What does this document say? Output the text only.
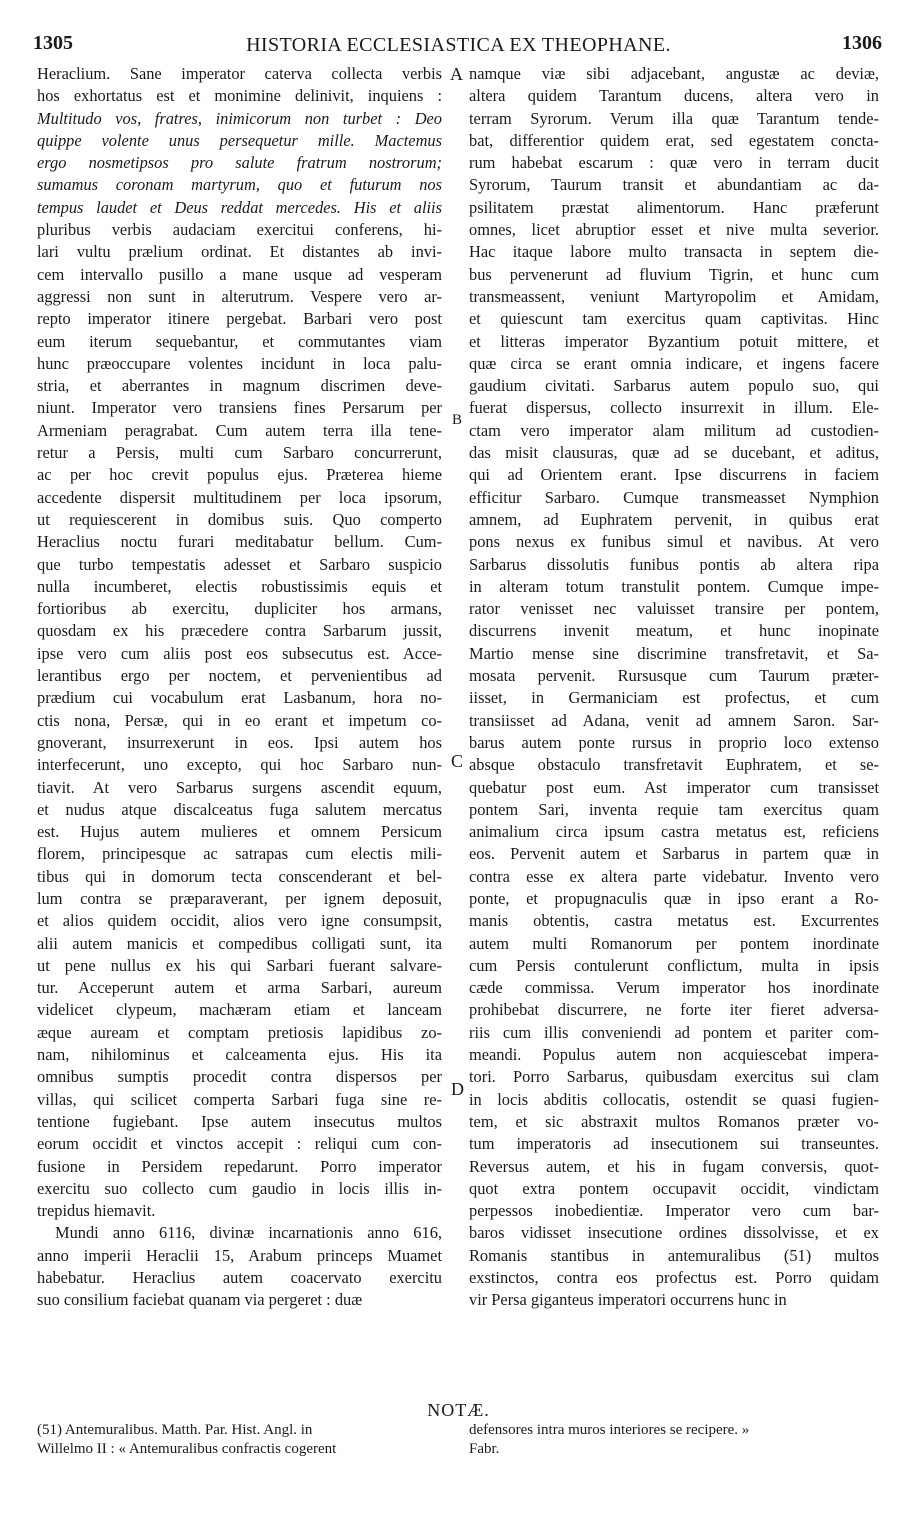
1305	HISTORIA ECCLESIASTICA EX THEOPHANE.	1306
A
B
C
D
Heraclium. Sane imperator caterva collecta verbis
hos exhortatus est et monimine delinivit, inquiens :
Multitudo vos, fratres, inimicorum non turbet : Deo
quippe volente unus persequetur mille. Mactemus
ergo nosmetipsos pro salute fratrum nostrorum;
sumamus coronam martyrum, quo et futurum nos
tempus laudet et Deus reddat mercedes. His et aliis
pluribus verbis audaciam exercitui conferens, hi-
lari vultu prælium ordinat. Et distantes ab invi-
cem intervallo pusillo a mane usque ad vesperam
aggressi non sunt in alterutrum. Vespere vero ar-
repto imperator itinere pergebat. Barbari vero post
eum iterum sequebantur, et commutantes viam
hunc præoccupare volentes incidunt in loca palu-
stria, et aberrantes in magnum discrimen deve-
niunt. Imperator vero transiens fines Persarum per
Armeniam peragrabat. Cum autem terra illa tene-
retur a Persis, multi cum Sarbaro concurrerunt,
ac per hoc crevit populus ejus. Præterea hieme
accedente dispersit multitudinem per loca ipsorum,
ut requiescerent in domibus suis. Quo comperto
Heraclius noctu furari meditabatur bellum. Cum-
que turbo tempestatis adesset et Sarbaro suspicio
nulla incumberet, electis robustissimis equis et
fortioribus ab exercitu, dupliciter hos armans,
quosdam ex his præcedere contra Sarbarum jussit,
ipse vero cum aliis post eos subsecutus est. Acce-
lerantibus ergo per noctem, et pervenientibus ad
prædium cui vocabulum erat Lasbanum, hora no-
ctis nona, Persæ, qui in eo erant et impetum co-
gnoverant, insurrexerunt in eos. Ipsi autem hos
interfecerunt, uno excepto, qui hoc Sarbaro nun-
tiavit. At vero Sarbarus surgens ascendit equum,
et nudus atque discalceatus fuga salutem mercatus
est. Hujus autem mulieres et omnem Persicum
florem, principesque ac satrapas cum electis mili-
tibus qui in domorum tecta conscenderant et bel-
lum contra se præparaverant, per ignem deposuit,
et alios quidem occidit, alios vero igne consumpsit,
alii autem manicis et compedibus colligati sunt, ita
ut pene nullus ex his qui Sarbari fuerant salvare-
tur. Acceperunt autem et arma Sarbari, aureum
videlicet clypeum, machæram etiam et lanceam
æque auream et comptam pretiosis lapidibus zo-
nam, nihilominus et calceamenta ejus. His ita
omnibus sumptis procedit contra dispersos per
villas, qui scilicet comperta Sarbari fuga sine re-
tentione fugiebant. Ipse autem insecutus multos
eorum occidit et vinctos accepit : reliqui cum con-
fusione in Persidem repedarunt. Porro imperator
exercitu suo collecto cum gaudio in locis illis in-
trepidus hiemavit.
Mundi anno 6116, divinæ incarnationis anno 616,
anno imperii Heraclii 15, Arabum princeps Muamet
habebatur. Heraclius autem coacervato exercitu
suo consilium faciebat quanam via pergeret : duæ
namque viæ sibi adjacebant, angustæ ac deviæ,
altera quidem Tarantum ducens, altera vero in
terram Syrorum. Verum illa quæ Tarantum tende-
bat, differentior quidem erat, sed egestatem concta-
rum habebat escarum : quæ vero in terram ducit
Syrorum, Taurum transit et abundantiam ac da-
psilitatem præstat alimentorum. Hanc præferunt
omnes, licet abruptior esset et nive multa severior.
Hac itaque labore multo transacta in septem die-
bus pervenerunt ad fluvium Tigrin, et hunc cum
transmeassent, veniunt Martyropolim et Amidam,
et quiescunt tam exercitus quam captivitas. Hinc
et litteras imperator Byzantium potuit mittere, et
quæ circa se erant omnia indicare, et ingens facere
gaudium civitati. Sarbarus autem populo suo, qui
fuerat dispersus, collecto insurrexit in illum. Ele-
ctam vero imperator alam militum ad custodien-
das misit clausuras, quæ ad se ducebant, et aditus,
qui ad Orientem erant. Ipse discurrens in faciem
efficitur Sarbaro. Cumque transmeasset Nymphion
amnem, ad Euphratem pervenit, in quibus erat
pons nexus ex funibus simul et navibus. At vero
Sarbarus dissolutis funibus pontis ab altera ripa
in alteram totum transtulit pontem. Cumque impe-
rator venisset nec valuisset transire per pontem,
discurrens invenit meatum, et hunc inopinate
Martio mense sine discrimine transfretavit, et Sa-
mosata pervenit. Rursusque cum Taurum præter-
iisset, in Germaniciam est profectus, et cum
transiisset ad Adana, venit ad amnem Saron. Sar-
barus autem ponte rursus in proprio loco extenso
absque obstaculo transfretavit Euphratem, et se-
quebatur post eum. Ast imperator cum transisset
pontem Sari, inventa requie tam exercitus quam
animalium circa ipsum castra metatus est, reficiens
eos. Pervenit autem et Sarbarus in partem quæ in
contra esse ex altera parte videbatur. Invento vero
ponte, et propugnaculis quæ in ipso erant a Ro-
manis obtentis, castra metatus est. Excurrentes
autem multi Romanorum per pontem inordinate
cum Persis contulerunt conflictum, multa in ipsis
cæde commissa. Verum imperator hos inordinate
prohibebat discurrere, ne forte iter fieret adversa-
riis cum illis conveniendi ad pontem et pariter com-
meandi. Populus autem non acquiescebat impera-
tori. Porro Sarbarus, quibusdam exercitus sui clam
in locis abditis collocatis, ostendit se quasi fugien-
tem, et sic abstraxit multos Romanos præter vo-
tum imperatoris ad insecutionem sui transeuntes.
Reversus autem, et his in fugam conversis, quot-
quot extra pontem occupavit occidit, vindictam
perpessos inobedientiæ. Imperator vero cum bar-
baros vidisset insecutione ordines dissolvisse, et ex
Romanis stantibus in antemuralibus (51) multos
exstinctos, contra eos profectus est. Porro quidam
vir Persa giganteus imperatori occurrens hunc in
NOTÆ.
(51) Antemuralibus. Matth. Par. Hist. Angl. in
Willelmo II : « Antemuralibus confractis cogerent
defensores intra muros interiores se recipere. »
Fabr.
